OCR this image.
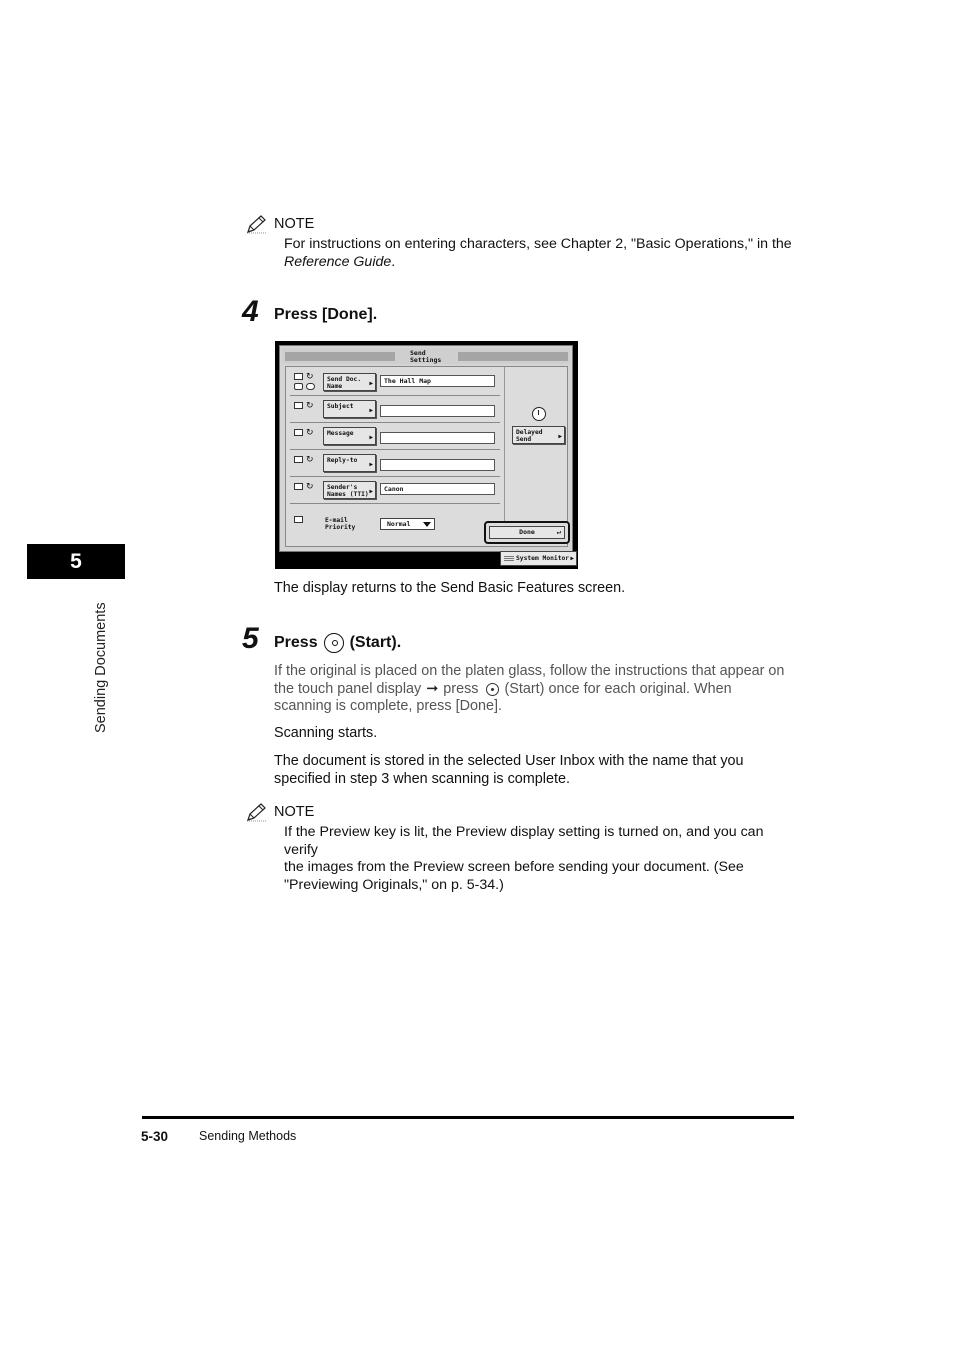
5
Sending Documents
NOTE
For instructions on entering characters, see Chapter 2, "Basic Operations," in the
Reference Guide.
4 Press [Done].
Send
Settings
↻ Send Doc.
Name	▶	The Hall Map
↻ Subject
▶
↻ Message
▶
↻ Reply-to
▶
↻ Sender's
Names (TTI) ▶	Canon
E-mail
Priority	Normal
Delayed
Send	▶
Done	↵
System Monitor ▶
The display returns to the Send Basic Features screen.
5 Press (Start).
If the original is placed on the platen glass, follow the instructions that appear on
the touch panel display ➞ press (Start) once for each original. When
scanning is complete, press [Done].
Scanning starts.
The document is stored in the selected User Inbox with the name that you
specified in step 3 when scanning is complete.
NOTE
If the Preview key is lit, the Preview display setting is turned on, and you can verify
the images from the Preview screen before sending your document. (See
"Previewing Originals," on p. 5-34.)
5-30 Sending Methods
